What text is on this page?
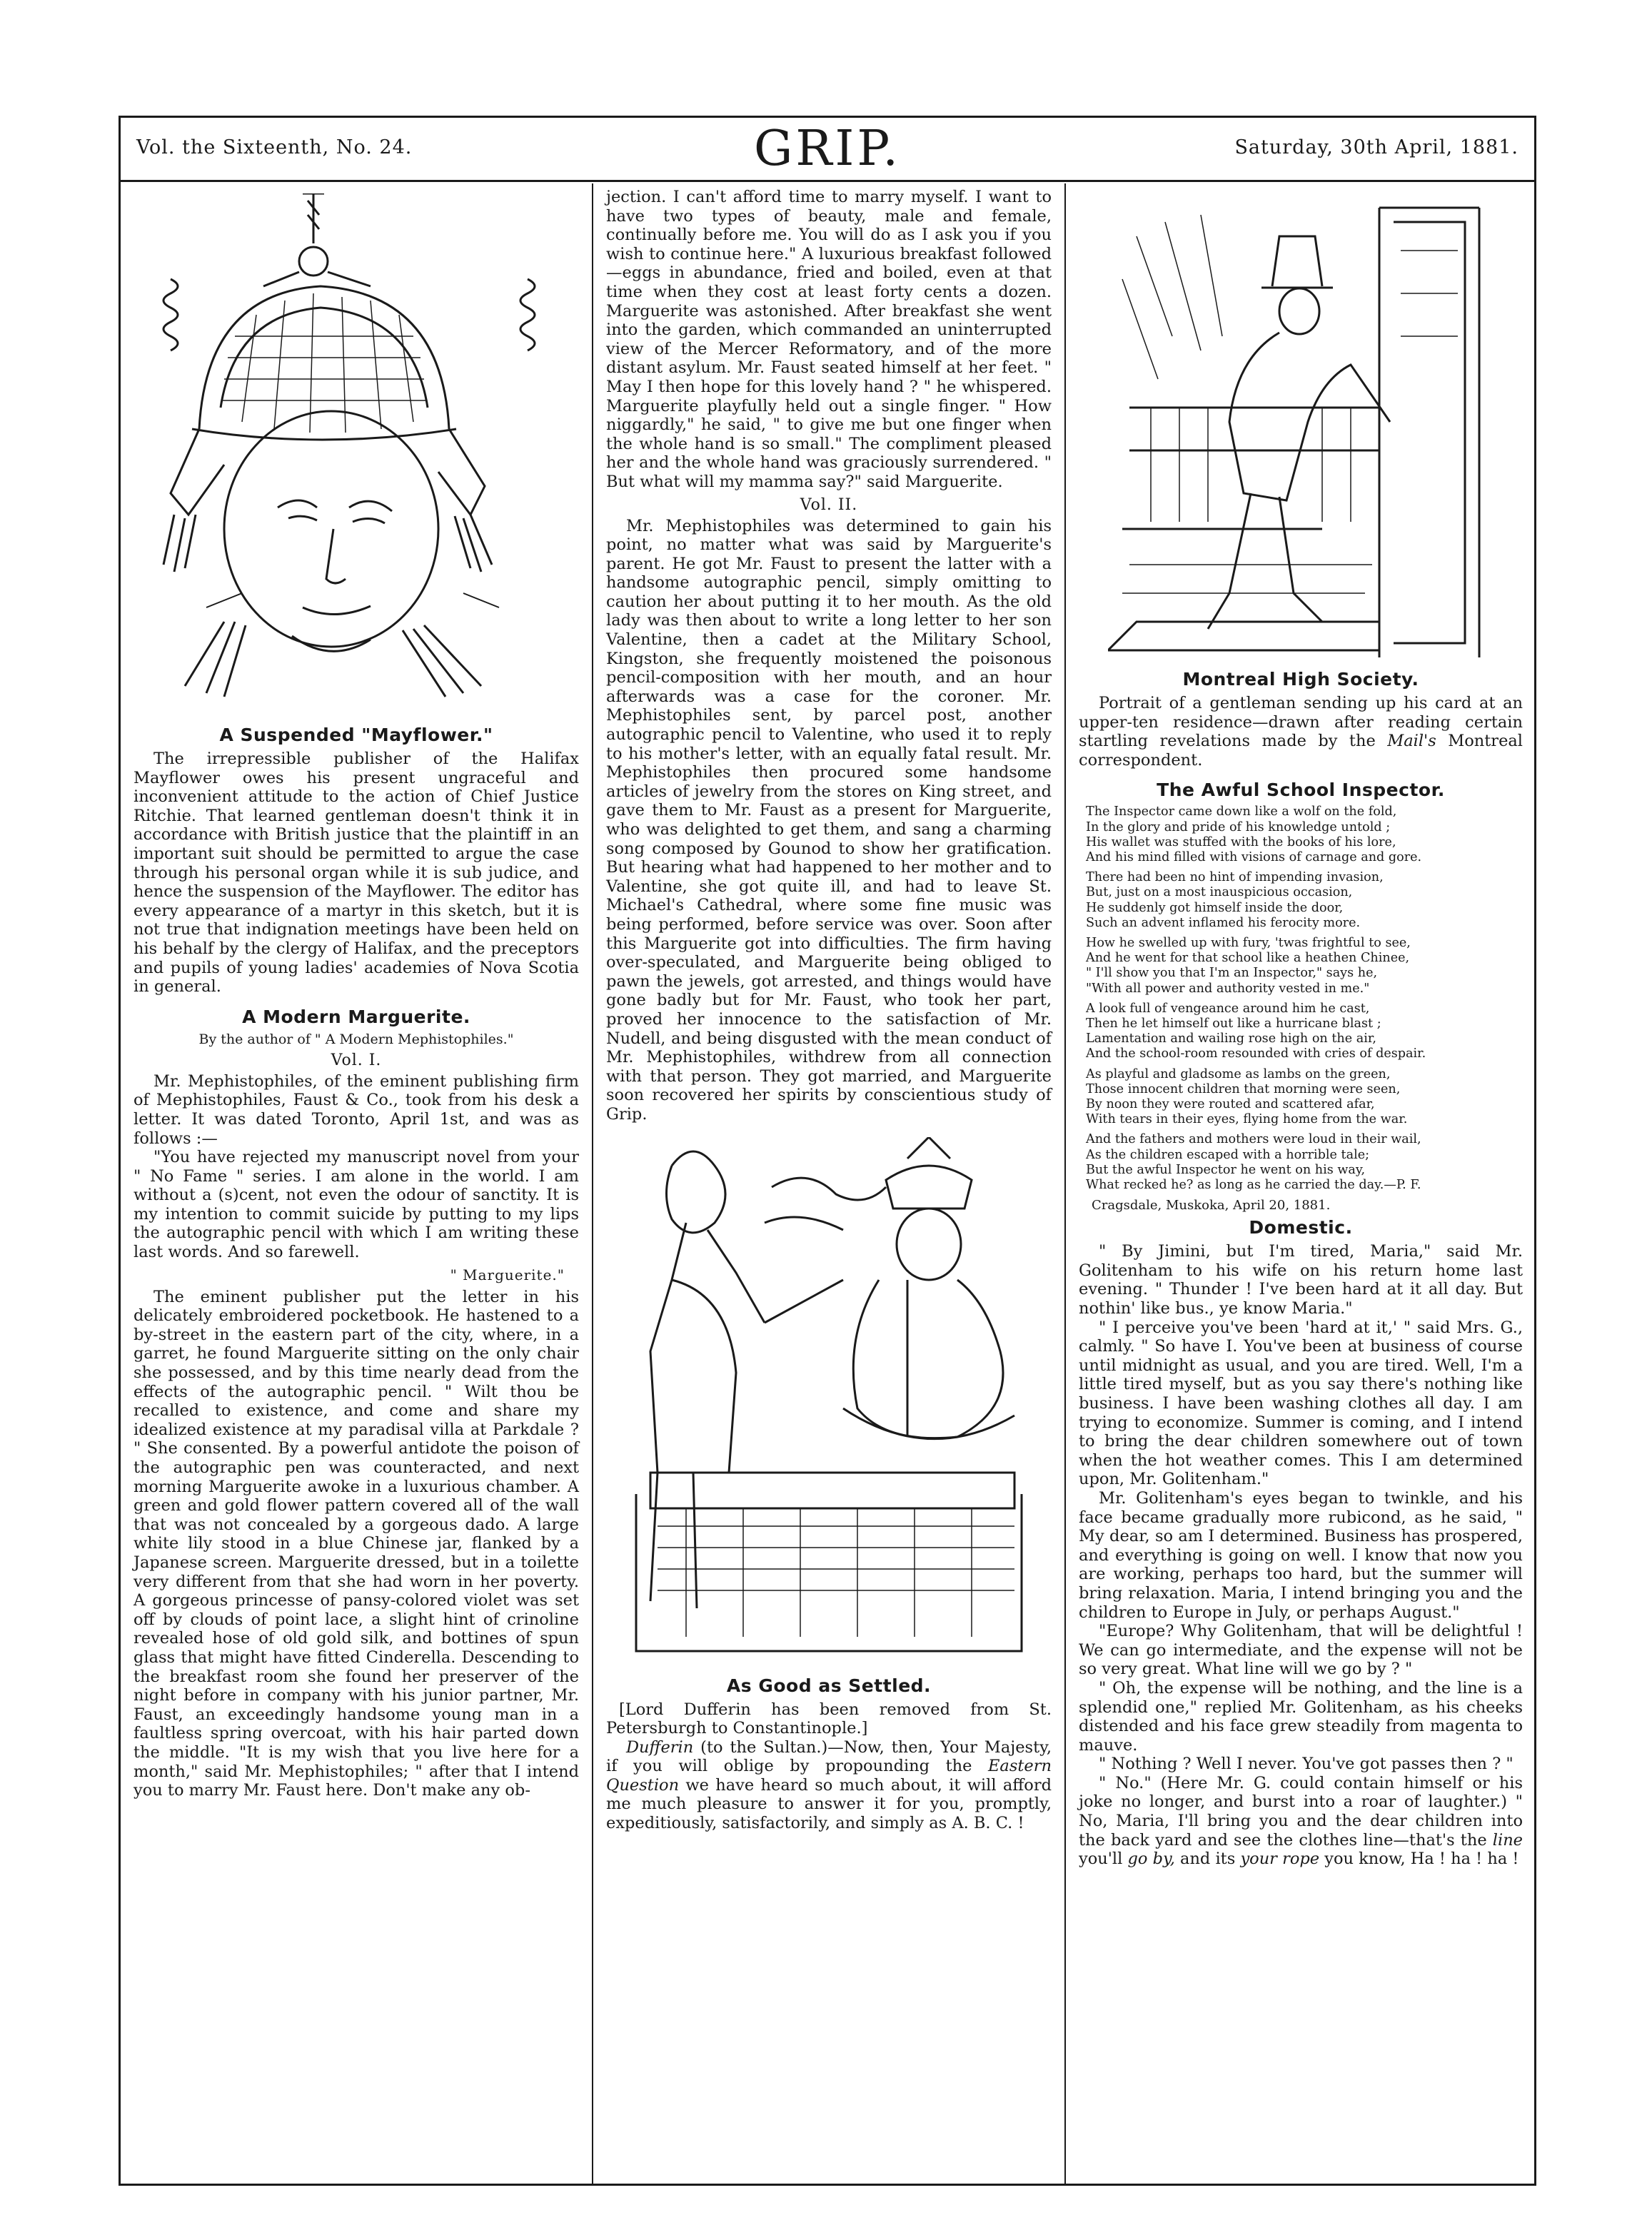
Vol. the Sixteenth, No. 24.	GRIP.	Saturday, 30th April, 1881.
A Suspended "Mayflower."

The irrepressible publisher of the Halifax Mayflower owes his present ungraceful and inconvenient attitude to the action of Chief Justice Ritchie. That learned gentleman doesn't think it in accordance with British justice that the plaintiff in an important suit should be permitted to argue the case through his personal organ while it is sub judice, and hence the suspension of the Mayflower. The editor has every appearance of a martyr in this sketch, but it is not true that indignation meetings have been held on his behalf by the clergy of Halifax, and the preceptors and pupils of young ladies' academies of Nova Scotia in general.

A Modern Marguerite.
By the author of " A Modern Mephistophiles."
Vol. I.

Mr. Mephistophiles, of the eminent publishing firm of Mephistophiles, Faust & Co., took from his desk a letter. It was dated Toronto, April 1st, and was as follows :—

"You have rejected my manuscript novel from your " No Fame " series. I am alone in the world. I am without a (s)cent, not even the odour of sanctity. It is my intention to commit suicide by putting to my lips the autographic pencil with which I am writing these last words. And so farewell.

" Marguerite."

The eminent publisher put the letter in his delicately embroidered pocketbook. He hastened to a by-street in the eastern part of the city, where, in a garret, he found Marguerite sitting on the only chair she possessed, and by this time nearly dead from the effects of the autographic pencil. " Wilt thou be recalled to existence, and come and share my idealized existence at my paradisal villa at Parkdale ? " She consented. By a powerful antidote the poison of the autographic pen was counteracted, and next morning Marguerite awoke in a luxurious chamber. A green and gold flower pattern covered all of the wall that was not concealed by a gorgeous dado. A large white lily stood in a blue Chinese jar, flanked by a Japanese screen. Marguerite dressed, but in a toilette very different from that she had worn in her poverty. A gorgeous princesse of pansy-colored violet was set off by clouds of point lace, a slight hint of crinoline revealed hose of old gold silk, and bottines of spun glass that might have fitted Cinderella. Descending to the breakfast room she found her preserver of the night before in company with his junior partner, Mr. Faust, an exceedingly handsome young man in a faultless spring overcoat, with his hair parted down the middle. "It is my wish that you live here for a month," said Mr. Mephistophiles; " after that I intend you to marry Mr. Faust here. Don't make any ob-

jection. I can't afford time to marry myself. I want to have two types of beauty, male and female, continually before me. You will do as I ask you if you wish to continue here." A luxurious breakfast followed—eggs in abundance, fried and boiled, even at that time when they cost at least forty cents a dozen. Marguerite was astonished. After breakfast she went into the garden, which commanded an uninterrupted view of the Mercer Reformatory, and of the more distant asylum. Mr. Faust seated himself at her feet. " May I then hope for this lovely hand ? " he whispered. Marguerite playfully held out a single finger. " How niggardly," he said, " to give me but one finger when the whole hand is so small." The compliment pleased her and the whole hand was graciously surrendered. " But what will my mamma say?" said Marguerite.

Vol. II.

Mr. Mephistophiles was determined to gain his point, no matter what was said by Marguerite's parent. He got Mr. Faust to present the latter with a handsome autographic pencil, simply omitting to caution her about putting it to her mouth. As the old lady was then about to write a long letter to her son Valentine, then a cadet at the Military School, Kingston, she frequently moistened the poisonous pencil-composition with her mouth, and an hour afterwards was a case for the coroner. Mr. Mephistophiles sent, by parcel post, another autographic pencil to Valentine, who used it to reply to his mother's letter, with an equally fatal result. Mr. Mephistophiles then procured some handsome articles of jewelry from the stores on King street, and gave them to Mr. Faust as a present for Marguerite, who was delighted to get them, and sang a charming song composed by Gounod to show her gratification. But hearing what had happened to her mother and to Valentine, she got quite ill, and had to leave St. Michael's Cathedral, where some fine music was being performed, before service was over. Soon after this Marguerite got into difficulties. The firm having over-speculated, and Marguerite being obliged to pawn the jewels, got arrested, and things would have gone badly but for Mr. Faust, who took her part, proved her innocence to the satisfaction of Mr. Nudell, and being disgusted with the mean conduct of Mr. Mephistophiles, withdrew from all connection with that person. They got married, and Marguerite soon recovered her spirits by conscientious study of Grip.

As Good as Settled.

[Lord Dufferin has been removed from St. Petersburgh to Constantinople.]

Dufferin (to the Sultan.)—Now, then, Your Majesty, if you will oblige by propounding the Eastern Question we have heard so much about, it will afford me much pleasure to answer it for you, promptly, expeditiously, satisfactorily, and simply as A. B. C. !

Montreal High Society.

Portrait of a gentleman sending up his card at an upper-ten residence—drawn after reading certain startling revelations made by the Mail's Montreal correspondent.

The Awful School Inspector.
The Inspector came down like a wolf on the fold,
In the glory and pride of his knowledge untold ;
His wallet was stuffed with the books of his lore,
And his mind filled with visions of carnage and gore.
There had been no hint of impending invasion,
But, just on a most inauspicious occasion,
He suddenly got himself inside the door,
Such an advent inflamed his ferocity more.
How he swelled up with fury, 'twas frightful to see,
And he went for that school like a heathen Chinee,
" I'll show you that I'm an Inspector," says he,
"With all power and authority vested in me."
A look full of vengeance around him he cast,
Then he let himself out like a hurricane blast ;
Lamentation and wailing rose high on the air,
And the school-room resounded with cries of despair.
As playful and gladsome as lambs on the green,
Those innocent children that morning were seen,
By noon they were routed and scattered afar,
With tears in their eyes, flying home from the war.
And the fathers and mothers were loud in their wail,
As the children escaped with a horrible tale;
But the awful Inspector he went on his way,
What recked he? as long as he carried the day.—P. F.
Cragsdale, Muskoka, April 20, 1881.
Domestic.

" By Jimini, but I'm tired, Maria," said Mr. Golitenham to his wife on his return home last evening. " Thunder ! I've been hard at it all day. But nothin' like bus., ye know Maria."

" I perceive you've been 'hard at it,' " said Mrs. G., calmly. " So have I. You've been at business of course until midnight as usual, and you are tired. Well, I'm a little tired myself, but as you say there's nothing like business. I have been washing clothes all day. I am trying to economize. Summer is coming, and I intend to bring the dear children somewhere out of town when the hot weather comes. This I am determined upon, Mr. Golitenham."

Mr. Golitenham's eyes began to twinkle, and his face became gradually more rubicond, as he said, " My dear, so am I determined. Business has prospered, and everything is going on well. I know that now you are working, perhaps too hard, but the summer will bring relaxation. Maria, I intend bringing you and the children to Europe in July, or perhaps August."

"Europe? Why Golitenham, that will be delightful ! We can go intermediate, and the expense will not be so very great. What line will we go by ? "

" Oh, the expense will be nothing, and the line is a splendid one," replied Mr. Golitenham, as his cheeks distended and his face grew steadily from magenta to mauve.

" Nothing ? Well I never. You've got passes then ? "

" No." (Here Mr. G. could contain himself or his joke no longer, and burst into a roar of laughter.) " No, Maria, I'll bring you and the dear children into the back yard and see the clothes line—that's the line you'll go by, and its your rope you know, Ha ! ha ! ha !
